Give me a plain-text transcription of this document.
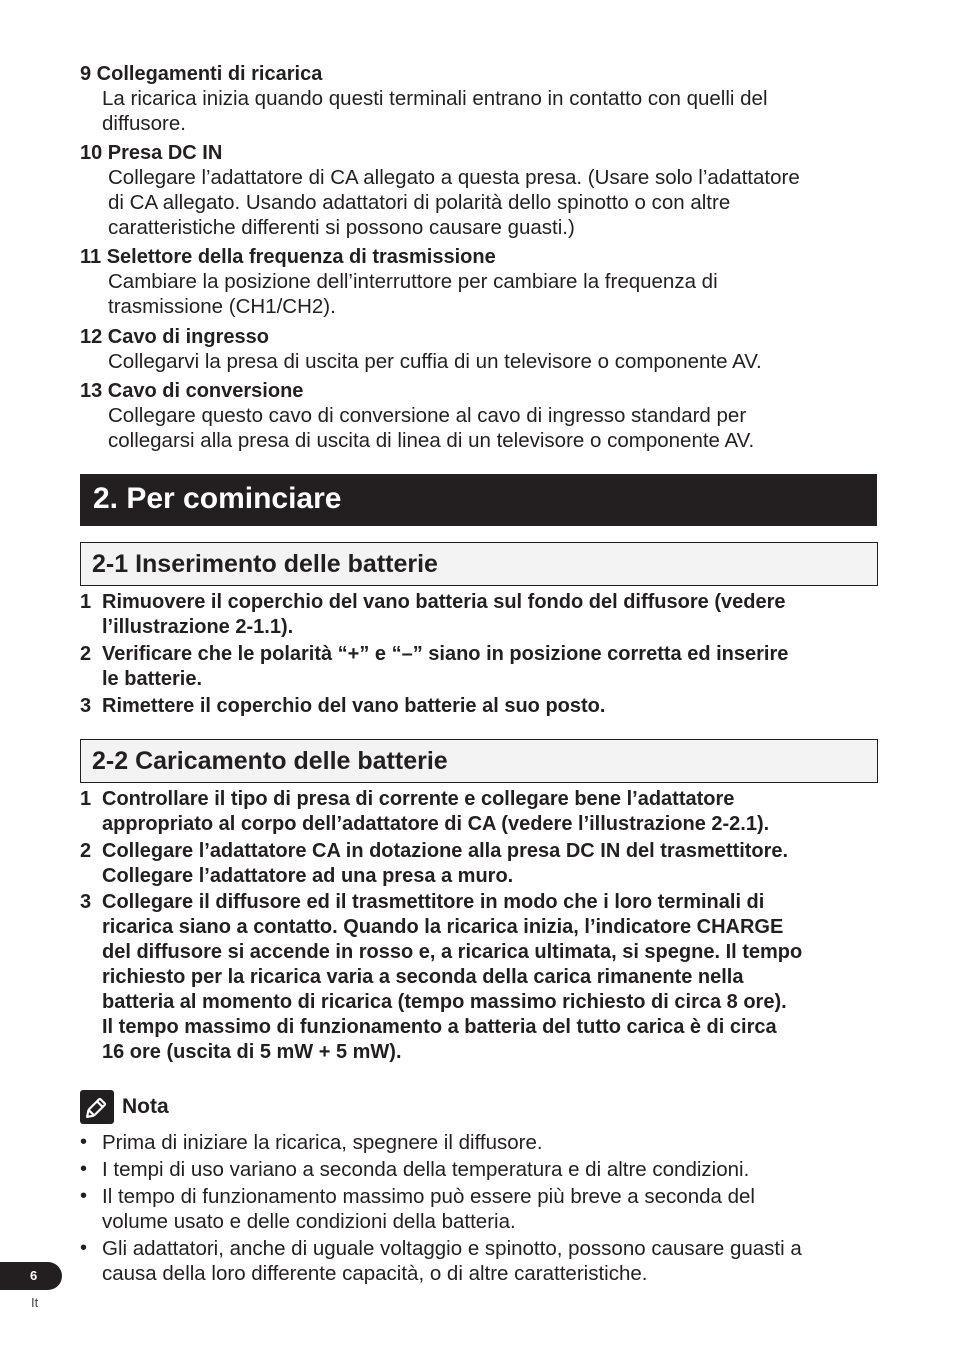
9 Collegamenti di ricarica
La ricarica inizia quando questi terminali entrano in contatto con quelli del
diffusore.
10 Presa DC IN
Collegare l’adattatore di CA allegato a questa presa. (Usare solo l’adattatore
di CA allegato. Usando adattatori di polarità dello spinotto o con altre
caratteristiche differenti si possono causare guasti.)
11 Selettore della frequenza di trasmissione
Cambiare la posizione dell’interruttore per cambiare la frequenza di
trasmissione (CH1/CH2).
12 Cavo di ingresso
Collegarvi la presa di uscita per cuffia di un televisore o componente AV.
13 Cavo di conversione
Collegare questo cavo di conversione al cavo di ingresso standard per
collegarsi alla presa di uscita di linea di un televisore o componente AV.
2. Per cominciare
2-1 Inserimento delle batterie
1 Rimuovere il coperchio del vano batteria sul fondo del diffusore (vedere
l’illustrazione 2-1.1).
2 Verificare che le polarità “+” e “–” siano in posizione corretta ed inserire
le batterie.
3 Rimettere il coperchio del vano batterie al suo posto.
2-2 Caricamento delle batterie
1 Controllare il tipo di presa di corrente e collegare bene l’adattatore
appropriato al corpo dell’adattatore di CA (vedere l’illustrazione 2-2.1).
2 Collegare l’adattatore CA in dotazione alla presa DC IN del trasmettitore.
Collegare l’adattatore ad una presa a muro.
3 Collegare il diffusore ed il trasmettitore in modo che i loro terminali di
ricarica siano a contatto. Quando la ricarica inizia, l’indicatore CHARGE
del diffusore si accende in rosso e, a ricarica ultimata, si spegne. Il tempo
richiesto per la ricarica varia a seconda della carica rimanente nella
batteria al momento di ricarica (tempo massimo richiesto di circa 8 ore).
Il tempo massimo di funzionamento a batteria del tutto carica è di circa
16 ore (uscita di 5 mW + 5 mW).
Nota
• Prima di iniziare la ricarica, spegnere il diffusore.
• I tempi di uso variano a seconda della temperatura e di altre condizioni.
• Il tempo di funzionamento massimo può essere più breve a seconda del
volume usato e delle condizioni della batteria.
• Gli adattatori, anche di uguale voltaggio e spinotto, possono causare guasti a
causa della loro differente capacità, o di altre caratteristiche.
6
It
